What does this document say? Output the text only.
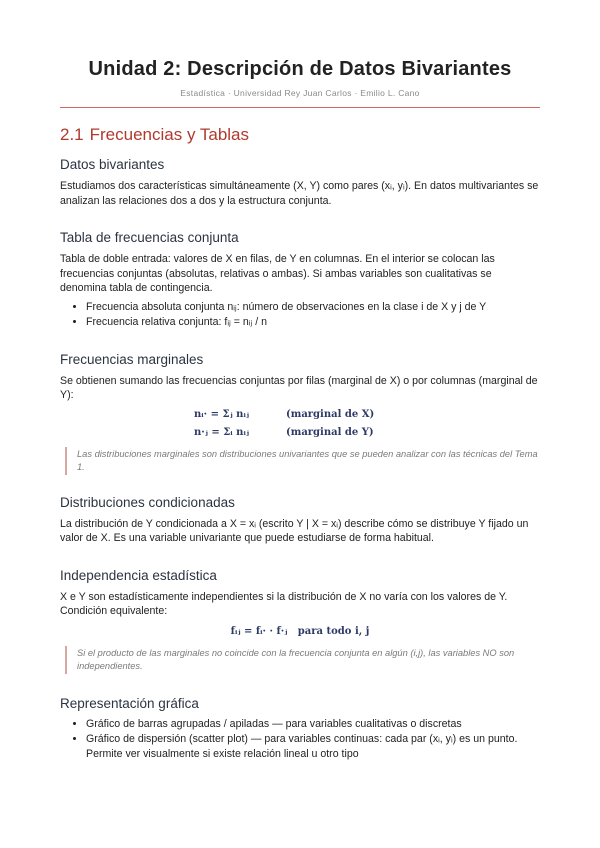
Unidad 2: Descripción de Datos Bivariantes
Estadística · Universidad Rey Juan Carlos · Emilio L. Cano
2.1 Frecuencias y Tablas
Datos bivariantes

Estudiamos dos características simultáneamente (X, Y) como pares (xᵢ, yᵢ). En datos multivariantes se analizan las relaciones dos a dos y la estructura conjunta.

Tabla de frecuencias conjunta

Tabla de doble entrada: valores de X en filas, de Y en columnas. En el interior se colocan las frecuencias conjuntas (absolutas, relativas o ambas). Si ambas variables son cualitativas se denomina tabla de contingencia.

• Frecuencia absoluta conjunta nᵢⱼ: número de observaciones en la clase i de X y j de Y
• Frecuencia relativa conjunta: fᵢⱼ = nᵢⱼ / n
Frecuencias marginales

Se obtienen sumando las frecuencias conjuntas por filas (marginal de X) o por columnas (marginal de Y):

nᵢ· = Σⱼ nᵢⱼ	(marginal de X)
n·ⱼ = Σᵢ nᵢⱼ	(marginal de Y)
Las distribuciones marginales son distribuciones univariantes que se pueden analizar con las técnicas del Tema 1.
Distribuciones condicionadas

La distribución de Y condicionada a X = xᵢ (escrito Y | X = xᵢ) describe cómo se distribuye Y fijado un valor de X. Es una variable univariante que puede estudiarse de forma habitual.

Independencia estadística

X e Y son estadísticamente independientes si la distribución de X no varía con los valores de Y. Condición equivalente:

fᵢⱼ = fᵢ· · f·ⱼ   para todo i, j
Si el producto de las marginales no coincide con la frecuencia conjunta en algún (i,j), las variables NO son independientes.
Representación gráfica
• Gráfico de barras agrupadas / apiladas — para variables cualitativas o discretas
• Gráfico de dispersión (scatter plot) — para variables continuas: cada par (xᵢ, yᵢ) es un punto. Permite ver visualmente si existe relación lineal u otro tipo
